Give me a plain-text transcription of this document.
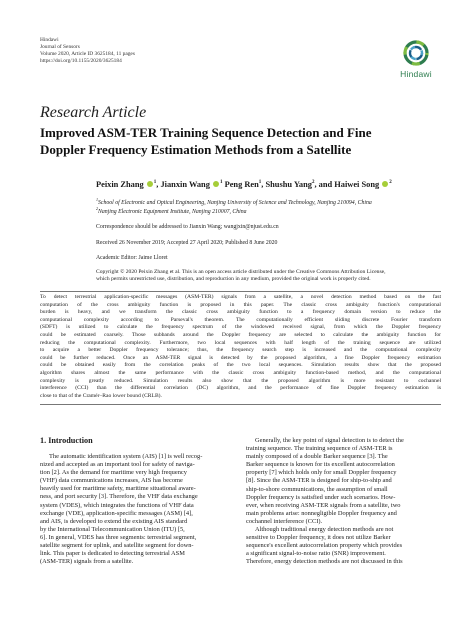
Hindawi
Journal of Sensors
Volume 2020, Article ID 3625184, 11 pages
https://doi.org/10.1155/2020/3625184
Hindawi
Research Article
Improved ASM-TER Training Sequence Detection and Fine
Doppler Frequency Estimation Methods from a Satellite
Peixin Zhang $^1$, Jianxin Wang $^1$ Peng Ren$^1$, Shushu Yang$^2$, and Haiwei Song $^2$
$^1$School of Electronic and Optical Engineering, Nanjing University of Science and Technology, Nanjing 210094, China
$^2$Nanjing Electronic Equipment Institute, Nanjing 210007, China
Correspondence should be addressed to Jianxin Wang; wangjxin@njust.edu.cn
Received 26 November 2019; Accepted 27 April 2020; Published 8 June 2020
Academic Editor: Jaime Lloret
Copyright © 2020 Peixin Zhang et al. This is an open access article distributed under the Creative Commons Attribution License,
which permits unrestricted use, distribution, and reproduction in any medium, provided the original work is properly cited.
To detect terrestrial application-specific messages (ASM-TER) signals from a satellite, a novel detection method based on the fast
computation of the cross ambiguity function is proposed in this paper. The classic cross ambiguity function's computational
burden is heavy, and we transform the classic cross ambiguity function to a frequency domain version to reduce the
computational complexity according to Parseval's theorem. The computationally efficient sliding discrete Fourier transform
(SDFT) is utilized to calculate the frequency spectrum of the windowed received signal, from which the Doppler frequency
could be estimated coarsely. Those subbands around the Doppler frequency are selected to calculate the ambiguity function for
reducing the computational complexity. Furthermore, two local sequences with half length of the training sequence are utilized
to acquire a better Doppler frequency tolerance; thus, the frequency search step is increased and the computational complexity
could be further reduced. Once an ASM-TER signal is detected by the proposed algorithm, a fine Doppler frequency estimation
could be obtained easily from the correlation peaks of the two local sequences. Simulation results show that the proposed
algorithm shares almost the same performance with the classic cross ambiguity function-based method, and the computational
complexity is greatly reduced. Simulation results also show that the proposed algorithm is more resistant to cochannel
interference (CCI) than the differential correlation (DC) algorithm, and the performance of fine Doppler frequency estimation is
close to that of the Cramér–Rao lower bound (CRLB).
1. Introduction
The automatic identification system (AIS) [1] is well recog-
nized and accepted as an important tool for safety of naviga-
tion [2]. As the demand for maritime very high frequency
(VHF) data communications increases, AIS has become
heavily used for maritime safety, maritime situational aware-
ness, and port security [3]. Therefore, the VHF data exchange
system (VDES), which integrates the functions of VHF data
exchange (VDE), application-specific messages (ASM) [4],
and AIS, is developed to extend the existing AIS standard
by the International Telecommunication Union (ITU) [5,
6]. In general, VDES has three segments: terrestrial segment,
satellite segment for uplink, and satellite segment for down-
link. This paper is dedicated to detecting terrestrial ASM
(ASM-TER) signals from a satellite.
Generally, the key point of signal detection is to detect the
training sequence. The training sequence of ASM-TER is
mainly composed of a double Barker sequence [3]. The
Barker sequence is known for its excellent autocorrelation
property [7] which holds only for small Doppler frequency
[8]. Since the ASM-TER is designed for ship-to-ship and
ship-to-shore communications, the assumption of small
Doppler frequency is satisfied under such scenarios. How-
ever, when receiving ASM-TER signals from a satellite, two
main problems arise: nonnegligible Doppler frequency and
cochannel interference (CCI).
Although traditional energy detection methods are not
sensitive to Doppler frequency, it does not utilize Barker
sequence's excellent autocorrelation property which provides
a significant signal-to-noise ratio (SNR) improvement.
Therefore, energy detection methods are not discussed in this
